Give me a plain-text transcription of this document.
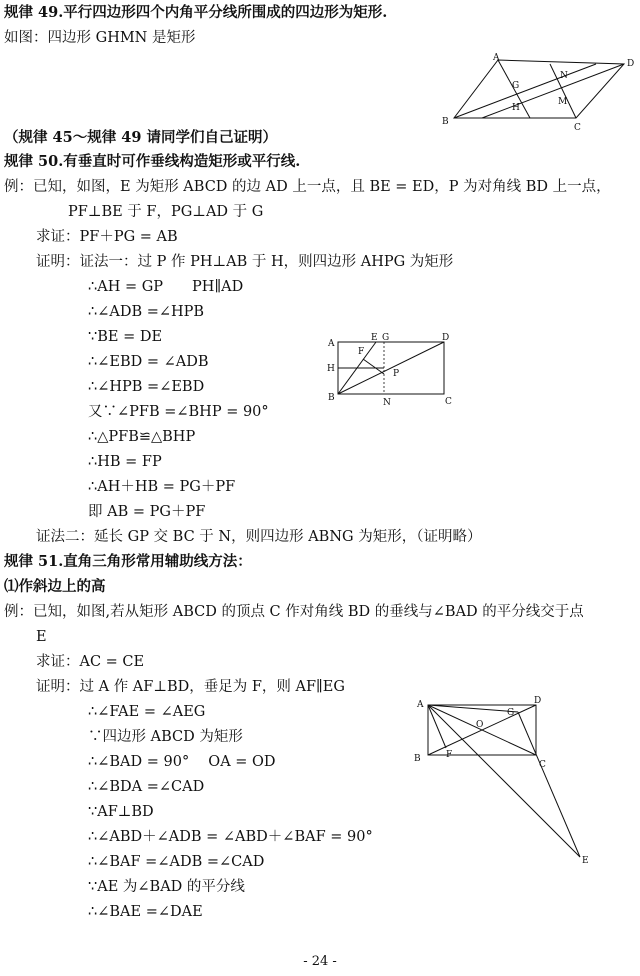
规律 49.平行四边形四个内角平分线所围成的四边形为矩形.
如图：四边形 GHMN 是矩形
（规律 45～规律 49 请同学们自己证明）
规律 50.有垂直时可作垂线构造矩形或平行线.
例：已知，如图，E 为矩形 ABCD 的边 AD 上一点，且 BE = ED，P 为对角线 BD 上一点，
PF⊥BE 于 F，PG⊥AD 于 G
求证：PF＋PG = AB
证明：证法一：过 P 作 PH⊥AB 于 H，则四边形 AHPG 为矩形
∴AH = GP　　PH∥AD
∴∠ADB =∠HPB
∵BE = DE
∴∠EBD = ∠ADB
∴∠HPB =∠EBD
又∵∠PFB =∠BHP = 90°
∴△PFB≌△BHP
∴HB = FP
∴AH＋HB = PG＋PF
即 AB = PG＋PF
证法二：延长 GP 交 BC 于 N，则四边形 ABNG 为矩形，（证明略）
规律 51.直角三角形常用辅助线方法：
⑴作斜边上的高
例：已知，如图,若从矩形 ABCD 的顶点 C 作对角线 BD 的垂线与∠BAD 的平分线交于点
E
求证：AC = CE
证明：过 A 作 AF⊥BD，垂足为 F，则 AF∥EG
∴∠FAE = ∠AEG
∵四边形 ABCD 为矩形
∴∠BAD = 90°　 OA = OD
∴∠BDA =∠CAD
∵AF⊥BD
∴∠ABD＋∠ADB = ∠ABD＋∠BAF = 90°
∴∠BAF =∠ADB =∠CAD
∵AE 为∠BAD 的平分线
∴∠BAE =∠DAE
A
D
G
N
H
M
B
C
A
E G	D
F
H	P
B	N	C
A
O
G
D
B	F
C
E
- 24 -
